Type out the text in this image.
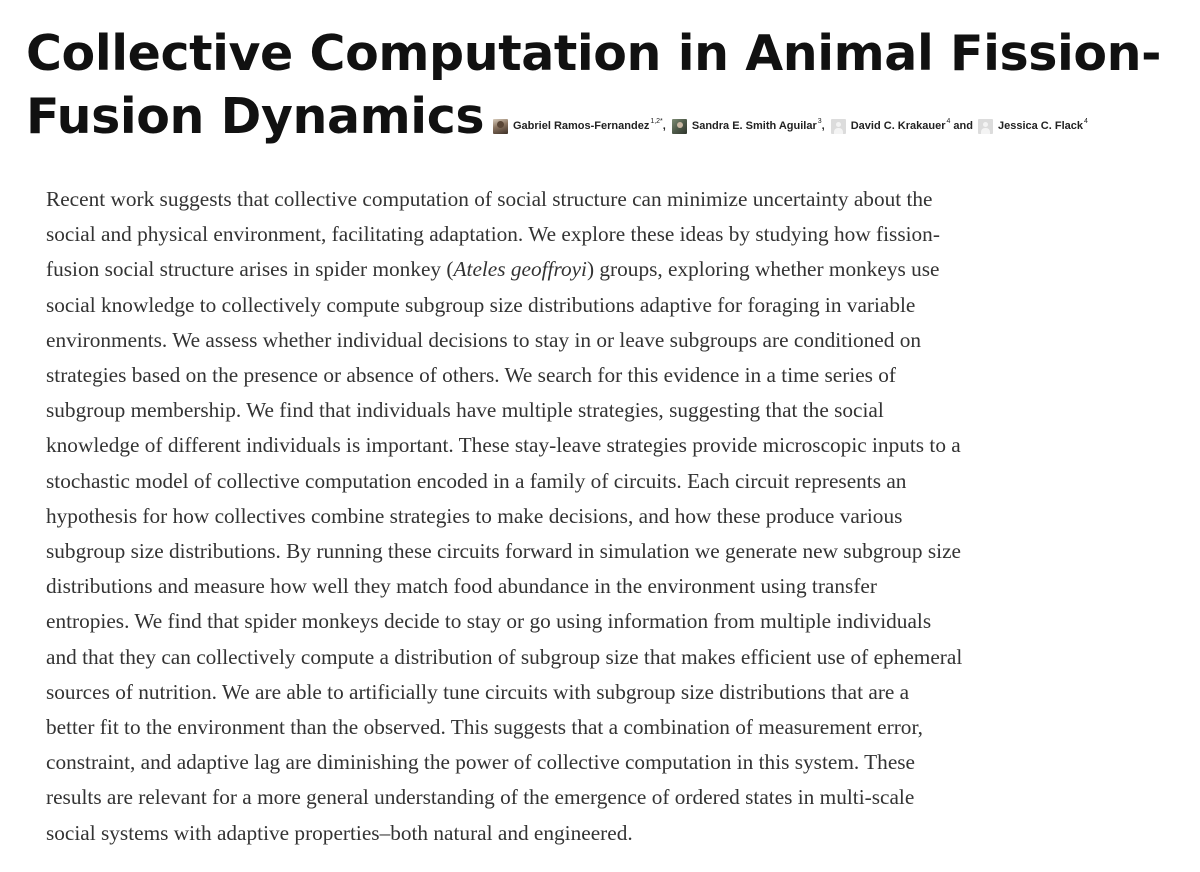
Collective Computation in Animal Fission-
Fusion Dynamics	Gabriel Ramos-Fernandez$^{1,2*}$ , Sandra E. Smith Aguilar$^3$ , David C. Krakauer$^4$ and Jessica C. Flack$^4$

Recent work suggests that collective computation of social structure can minimize uncertainty about the
social and physical environment, facilitating adaptation. We explore these ideas by studying how fission-
fusion social structure arises in spider monkey (Ateles geoffroyi) groups, exploring whether monkeys use
social knowledge to collectively compute subgroup size distributions adaptive for foraging in variable
environments. We assess whether individual decisions to stay in or leave subgroups are conditioned on
strategies based on the presence or absence of others. We search for this evidence in a time series of
subgroup membership. We find that individuals have multiple strategies, suggesting that the social
knowledge of different individuals is important. These stay-leave strategies provide microscopic inputs to a
stochastic model of collective computation encoded in a family of circuits. Each circuit represents an
hypothesis for how collectives combine strategies to make decisions, and how these produce various
subgroup size distributions. By running these circuits forward in simulation we generate new subgroup size
distributions and measure how well they match food abundance in the environment using transfer
entropies. We find that spider monkeys decide to stay or go using information from multiple individuals
and that they can collectively compute a distribution of subgroup size that makes efficient use of ephemeral
sources of nutrition. We are able to artificially tune circuits with subgroup size distributions that are a
better fit to the environment than the observed. This suggests that a combination of measurement error,
constraint, and adaptive lag are diminishing the power of collective computation in this system. These
results are relevant for a more general understanding of the emergence of ordered states in multi-scale
social systems with adaptive properties–both natural and engineered.
